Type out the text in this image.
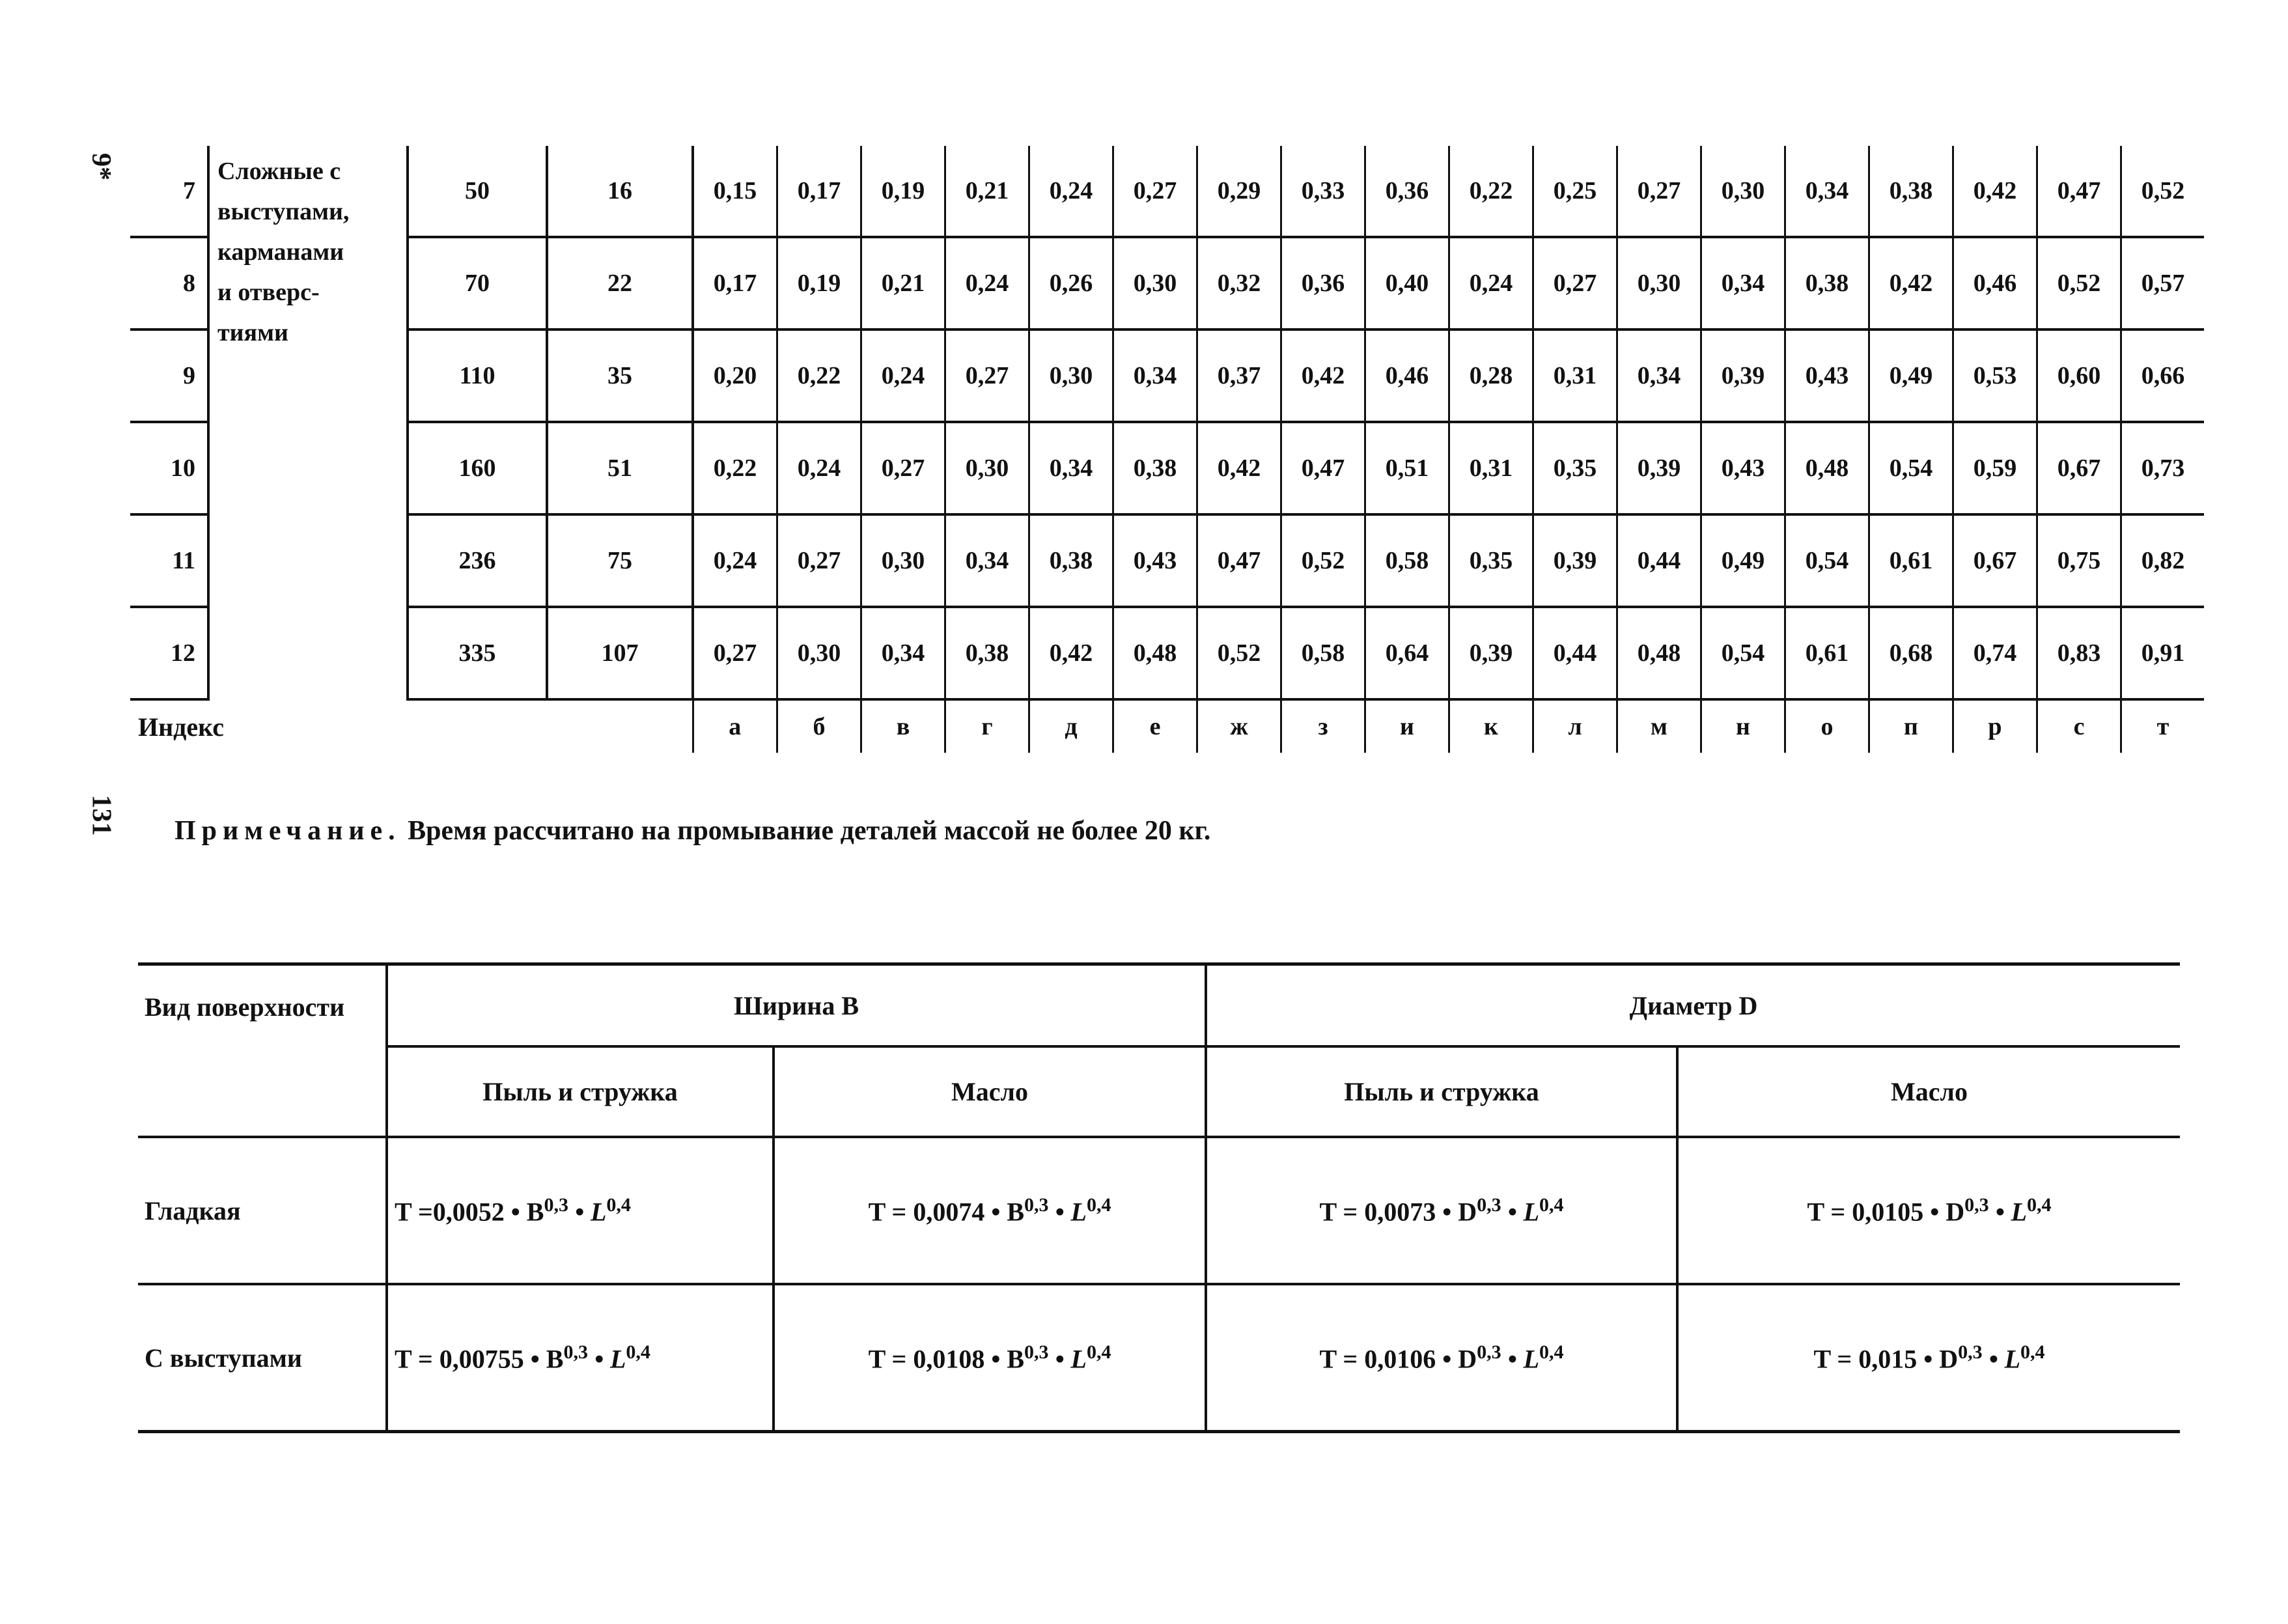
9*
131
7	Сложные с
выступами,
карманами
и отверс-
тиями	50	16	0,15	0,17	0,19	0,21	0,24	0,27	0,29	0,33	0,36	0,22	0,25	0,27	0,30	0,34	0,38	0,42	0,47	0,52
8		70	22	0,17	0,19	0,21	0,24	0,26	0,30	0,32	0,36	0,40	0,24	0,27	0,30	0,34	0,38	0,42	0,46	0,52	0,57
9		110	35	0,20	0,22	0,24	0,27	0,30	0,34	0,37	0,42	0,46	0,28	0,31	0,34	0,39	0,43	0,49	0,53	0,60	0,66
10		160	51	0,22	0,24	0,27	0,30	0,34	0,38	0,42	0,47	0,51	0,31	0,35	0,39	0,43	0,48	0,54	0,59	0,67	0,73
11		236	75	0,24	0,27	0,30	0,34	0,38	0,43	0,47	0,52	0,58	0,35	0,39	0,44	0,49	0,54	0,61	0,67	0,75	0,82
12		335	107	0,27	0,30	0,34	0,38	0,42	0,48	0,52	0,58	0,64	0,39	0,44	0,48	0,54	0,61	0,68	0,74	0,83	0,91
Индекс				а	б	в	г	д	е	ж	з	и	к	л	м	н	о	п	р	с	т

Примечание. Время рассчитано на промывание деталей массой не более 20 кг.

Вид поверхности	Ширина B		Диаметр D	
	Пыль и стружка	Масло	Пыль и стружка	Масло
Гладкая	T =0,0052 • B$^{0,3}$ • L$^{0,4}$	T = 0,0074 • B$^{0,3}$ • L$^{0,4}$	T = 0,0073 • D$^{0,3}$ • L$^{0,4}$	T = 0,0105 • D$^{0,3}$ • L$^{0,4}$
С выступами	T = 0,00755 • B$^{0,3}$ • L$^{0,4}$	T = 0,0108 • B$^{0,3}$ • L$^{0,4}$	T = 0,0106 • D$^{0,3}$ • L$^{0,4}$	T = 0,015 • D$^{0,3}$ • L$^{0,4}$
